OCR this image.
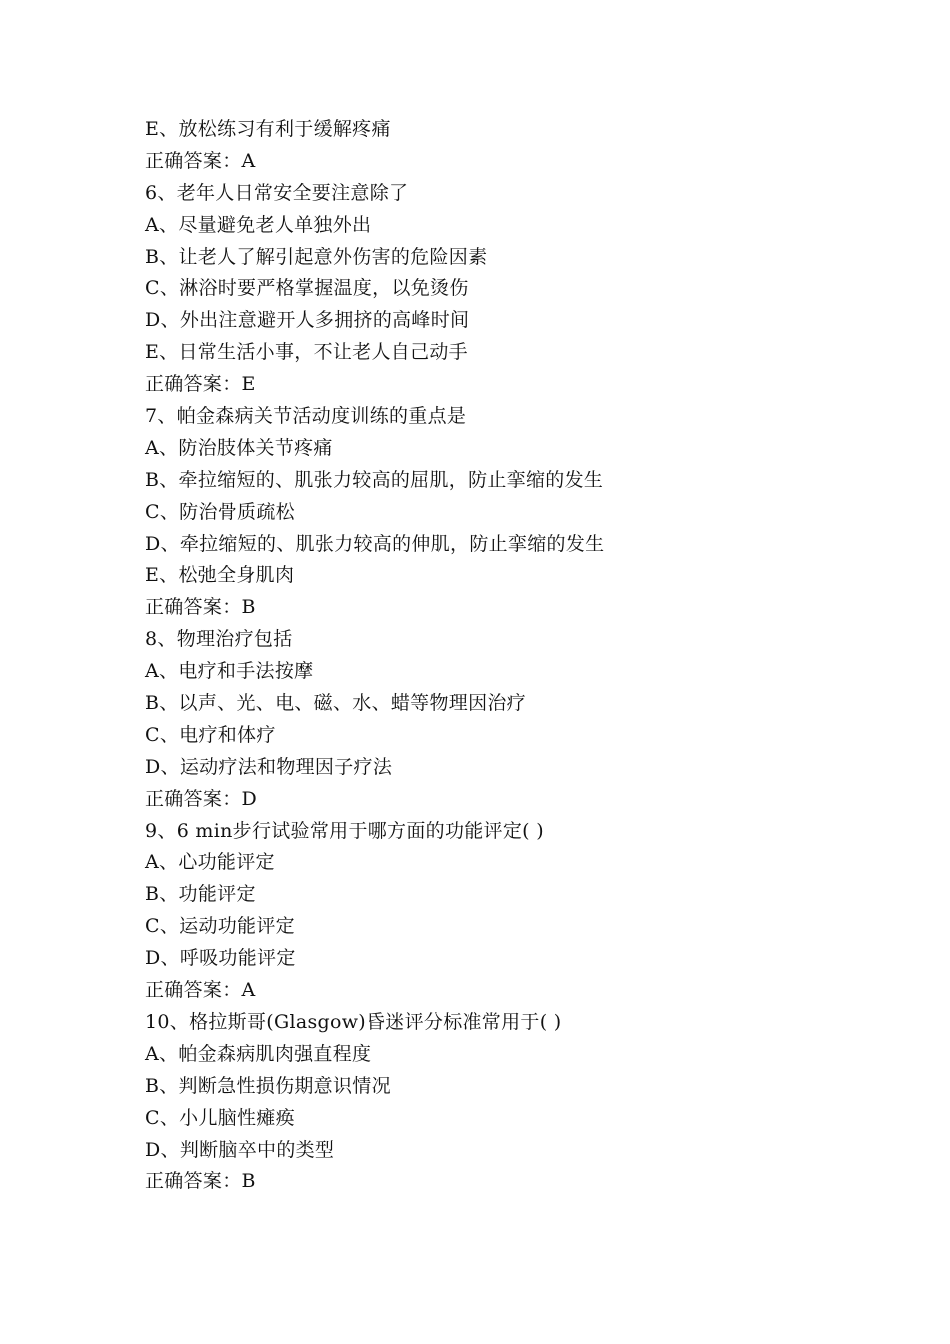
E、放松练习有利于缓解疼痛
正确答案：A
6、老年人日常安全要注意除了
A、尽量避免老人单独外出
B、让老人了解引起意外伤害的危险因素
C、淋浴时要严格掌握温度，以免烫伤
D、外出注意避开人多拥挤的高峰时间
E、日常生活小事，不让老人自己动手
正确答案：E
7、帕金森病关节活动度训练的重点是
A、防治肢体关节疼痛
B、牵拉缩短的、肌张力较高的屈肌，防止挛缩的发生
C、防治骨质疏松
D、牵拉缩短的、肌张力较高的伸肌，防止挛缩的发生
E、松弛全身肌肉
正确答案：B
8、物理治疗包括
A、电疗和手法按摩
B、以声、光、电、磁、水、蜡等物理因治疗
C、电疗和体疗
D、运动疗法和物理因子疗法
正确答案：D
9、6 min步行试验常用于哪方面的功能评定( )
A、心功能评定
B、功能评定
C、运动功能评定
D、呼吸功能评定
正确答案：A
10、格拉斯哥(Glasgow)昏迷评分标准常用于( )
A、帕金森病肌肉强直程度
B、判断急性损伤期意识情况
C、小儿脑性瘫痪
D、判断脑卒中的类型
正确答案：B
